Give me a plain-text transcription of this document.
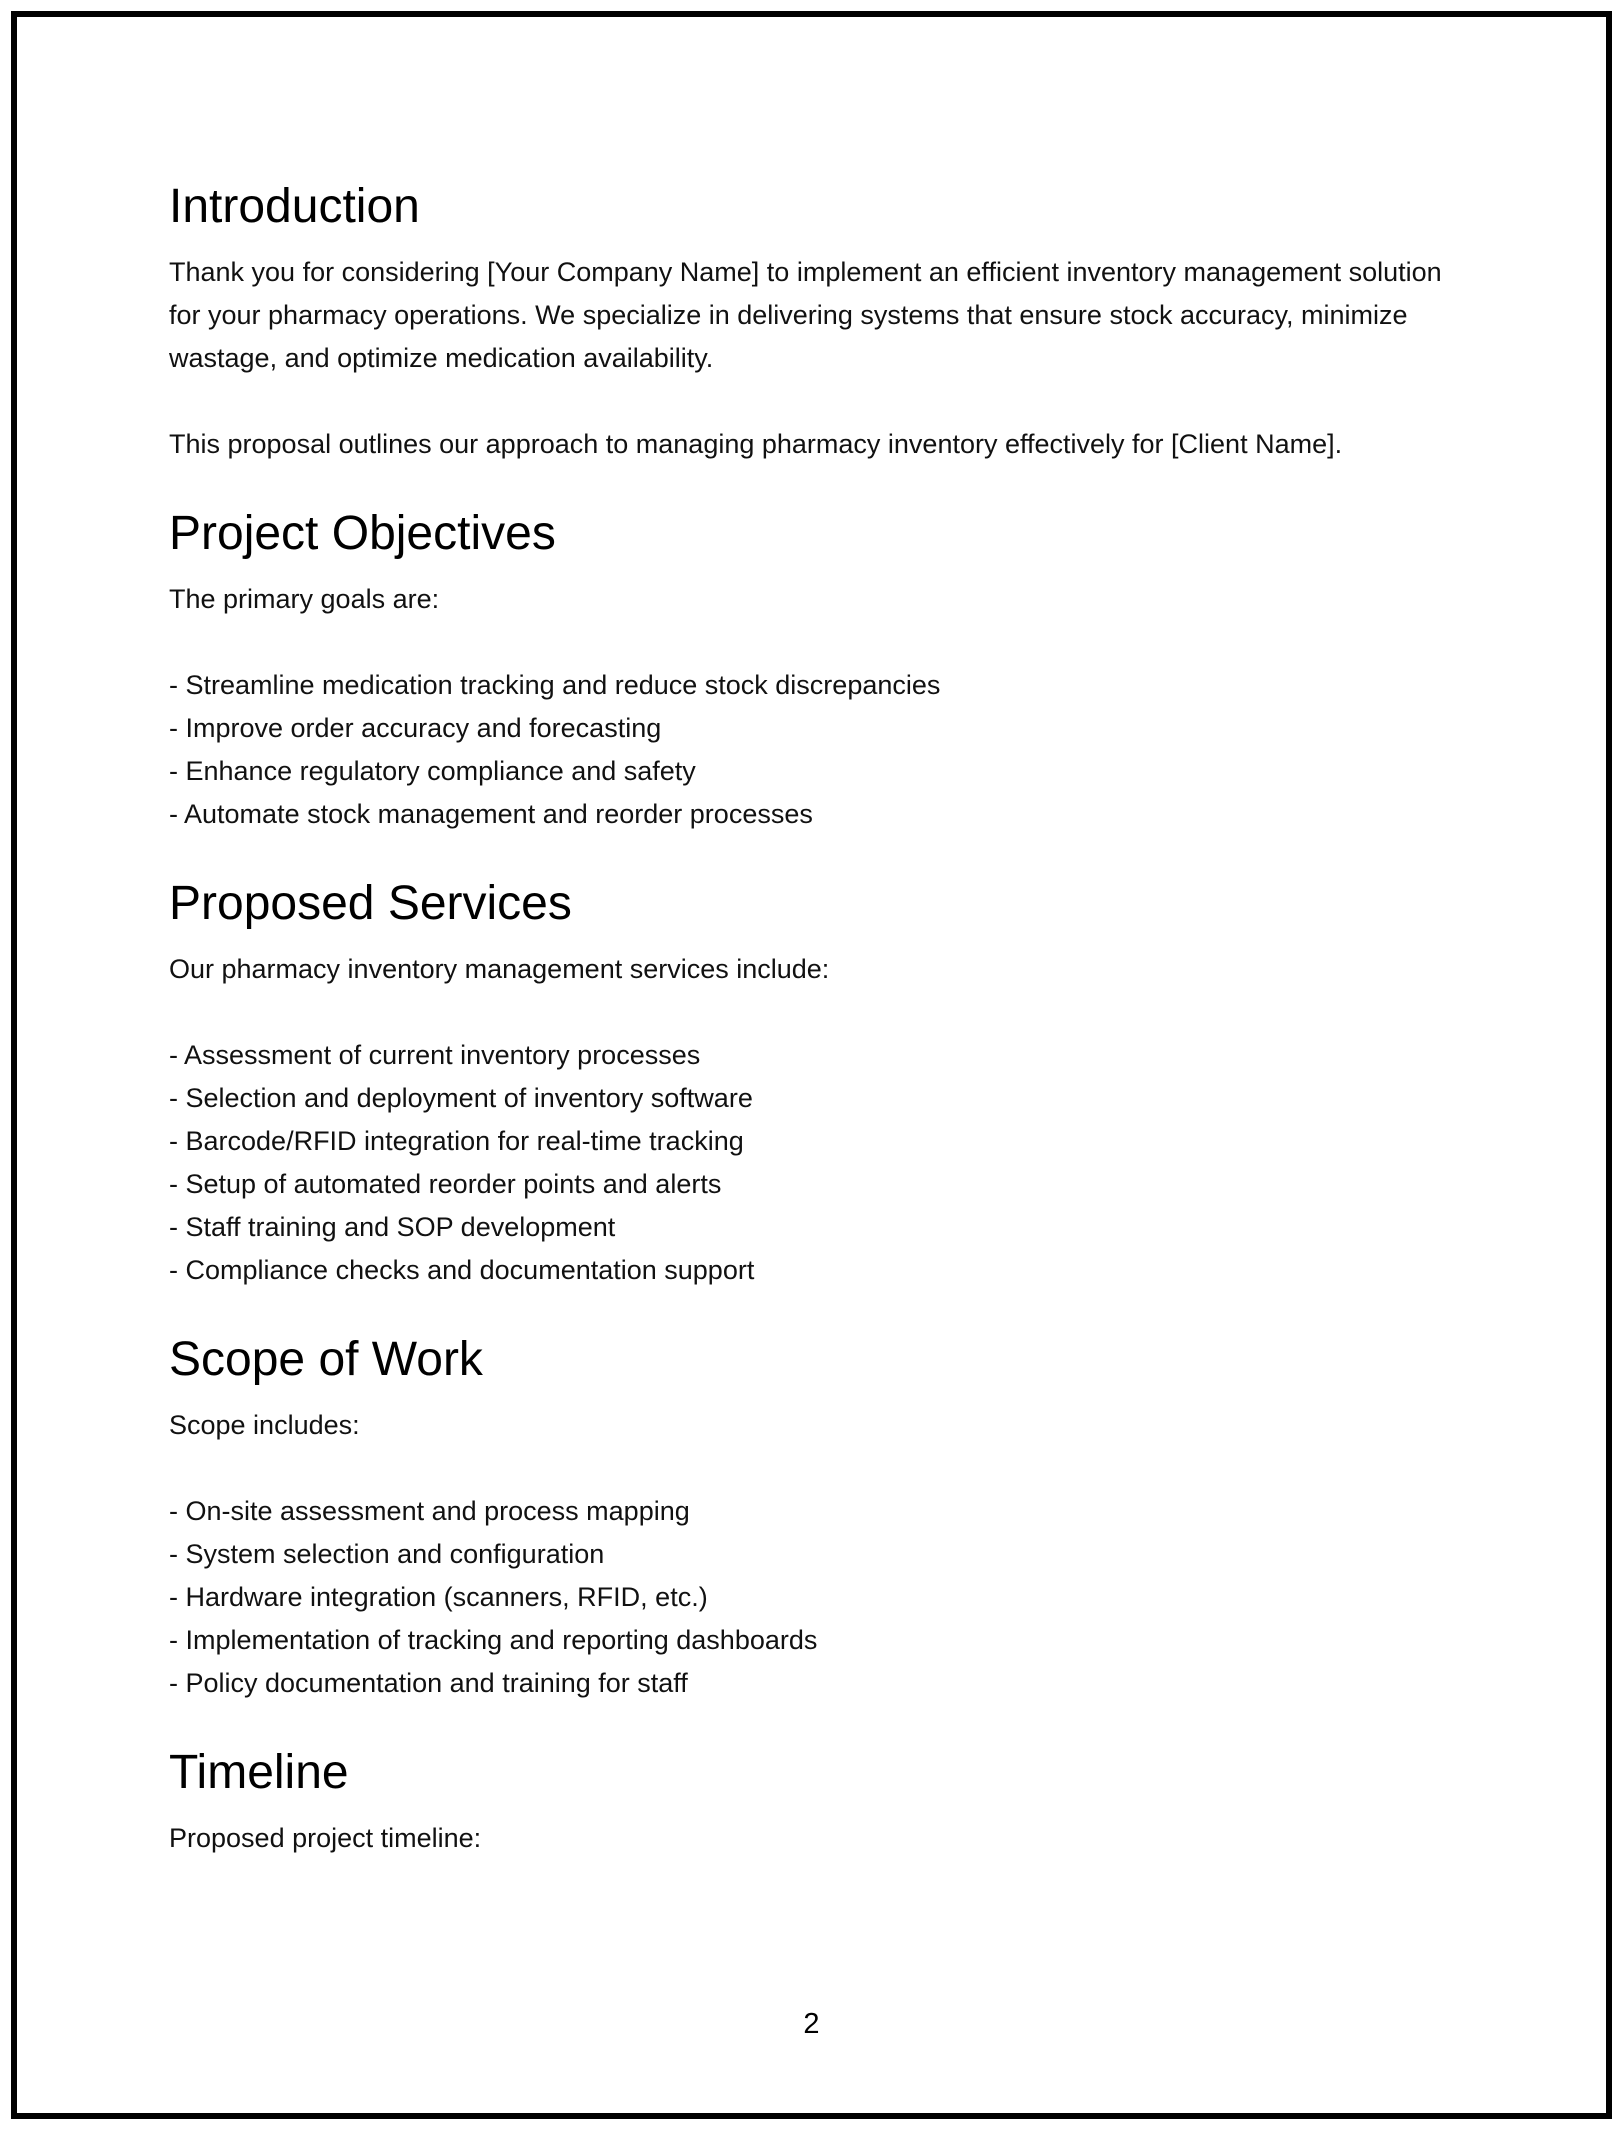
Introduction

Thank you for considering [Your Company Name] to implement an efficient inventory management solution for your pharmacy operations. We specialize in delivering systems that ensure stock accuracy, minimize wastage, and optimize medication availability.

This proposal outlines our approach to managing pharmacy inventory effectively for [Client Name].

Project Objectives

The primary goals are:

- Streamline medication tracking and reduce stock discrepancies
- Improve order accuracy and forecasting
- Enhance regulatory compliance and safety
- Automate stock management and reorder processes
Proposed Services

Our pharmacy inventory management services include:

- Assessment of current inventory processes
- Selection and deployment of inventory software
- Barcode/RFID integration for real-time tracking
- Setup of automated reorder points and alerts
- Staff training and SOP development
- Compliance checks and documentation support
Scope of Work

Scope includes:

- On-site assessment and process mapping
- System selection and configuration
- Hardware integration (scanners, RFID, etc.)
- Implementation of tracking and reporting dashboards
- Policy documentation and training for staff
Timeline

Proposed project timeline:

2
